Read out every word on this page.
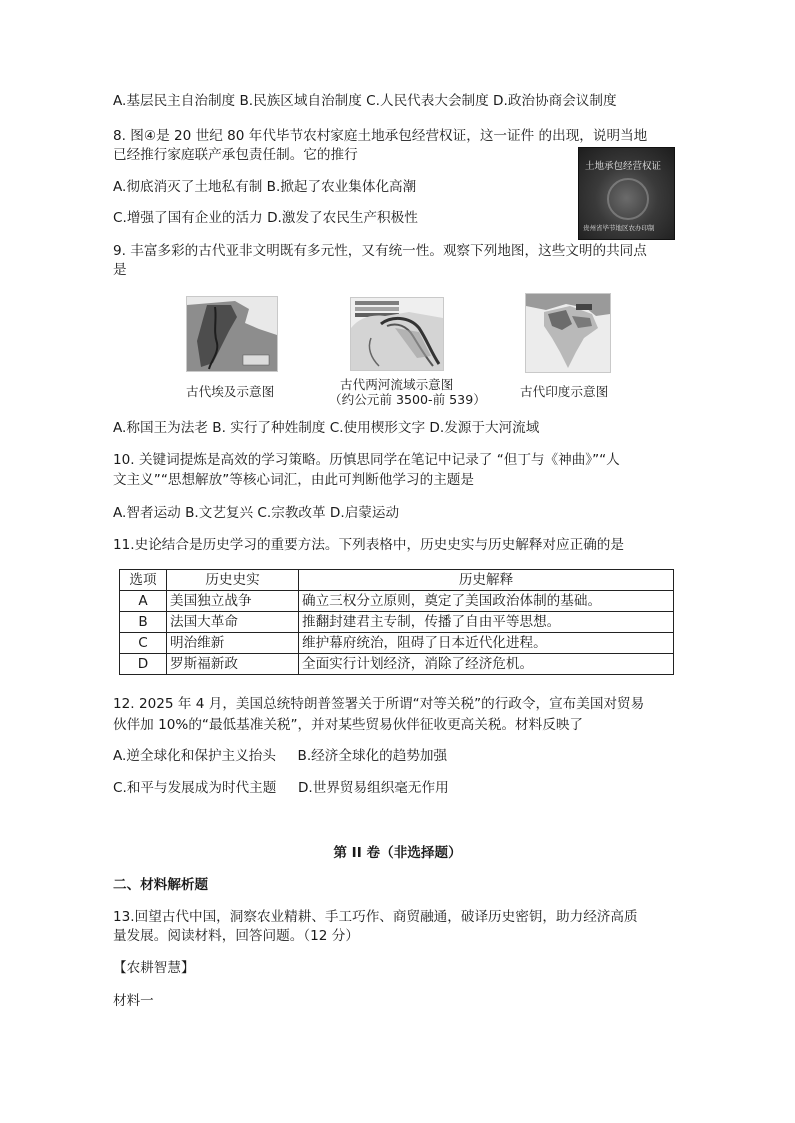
A.基层民主自治制度 B.民族区域自治制度 C.人民代表大会制度 D.政治协商会议制度
8. 图④是 20 世纪 80 年代毕节农村家庭土地承包经营权证，这一证件 的出现，说明当地
已经推行家庭联产承包责任制。它的推行
A.彻底消灭了土地私有制 B.掀起了农业集体化高潮
C.增强了国有企业的活力 D.激发了农民生产积极性
土地承包经营权证
贵州省毕节地区农办印制
9. 丰富多彩的古代亚非文明既有多元性，又有统一性。观察下列地图，这些文明的共同点
是
古代埃及示意图	古代两河流域示意图
（约公元前 3500-前 539）
古代印度示意图
A.称国王为法老 B. 实行了种姓制度 C.使用楔形文字 D.发源于大河流域
10. 关键词提炼是高效的学习策略。历慎思同学在笔记中记录了 “但丁与《神曲》”“人
文主义”“思想解放”等核心词汇，由此可判断他学习的主题是
A.智者运动 B.文艺复兴 C.宗教改革 D.启蒙运动
11.史论结合是历史学习的重要方法。下列表格中，历史史实与历史解释对应正确的是
选项	历史史实	历史解释
A	美国独立战争	确立三权分立原则，奠定了美国政治体制的基础。
B	法国大革命	推翻封建君主专制，传播了自由平等思想。
C	明治维新	维护幕府统治，阻碍了日本近代化进程。
D	罗斯福新政	全面实行计划经济，消除了经济危机。
12. 2025 年 4 月，美国总统特朗普签署关于所谓“对等关税”的行政令，宣布美国对贸易
伙伴加 10%的“最低基准关税”，并对某些贸易伙伴征收更高关税。材料反映了
A.逆全球化和保护主义抬头     B.经济全球化的趋势加强
C.和平与发展成为时代主题     D.世界贸易组织毫无作用
第 II 卷（非选择题）
二、材料解析题
13.回望古代中国，洞察农业精耕、手工巧作、商贸融通，破译历史密钥，助力经济高质
量发展。阅读材料，回答问题。（12 分）
【农耕智慧】
材料一
